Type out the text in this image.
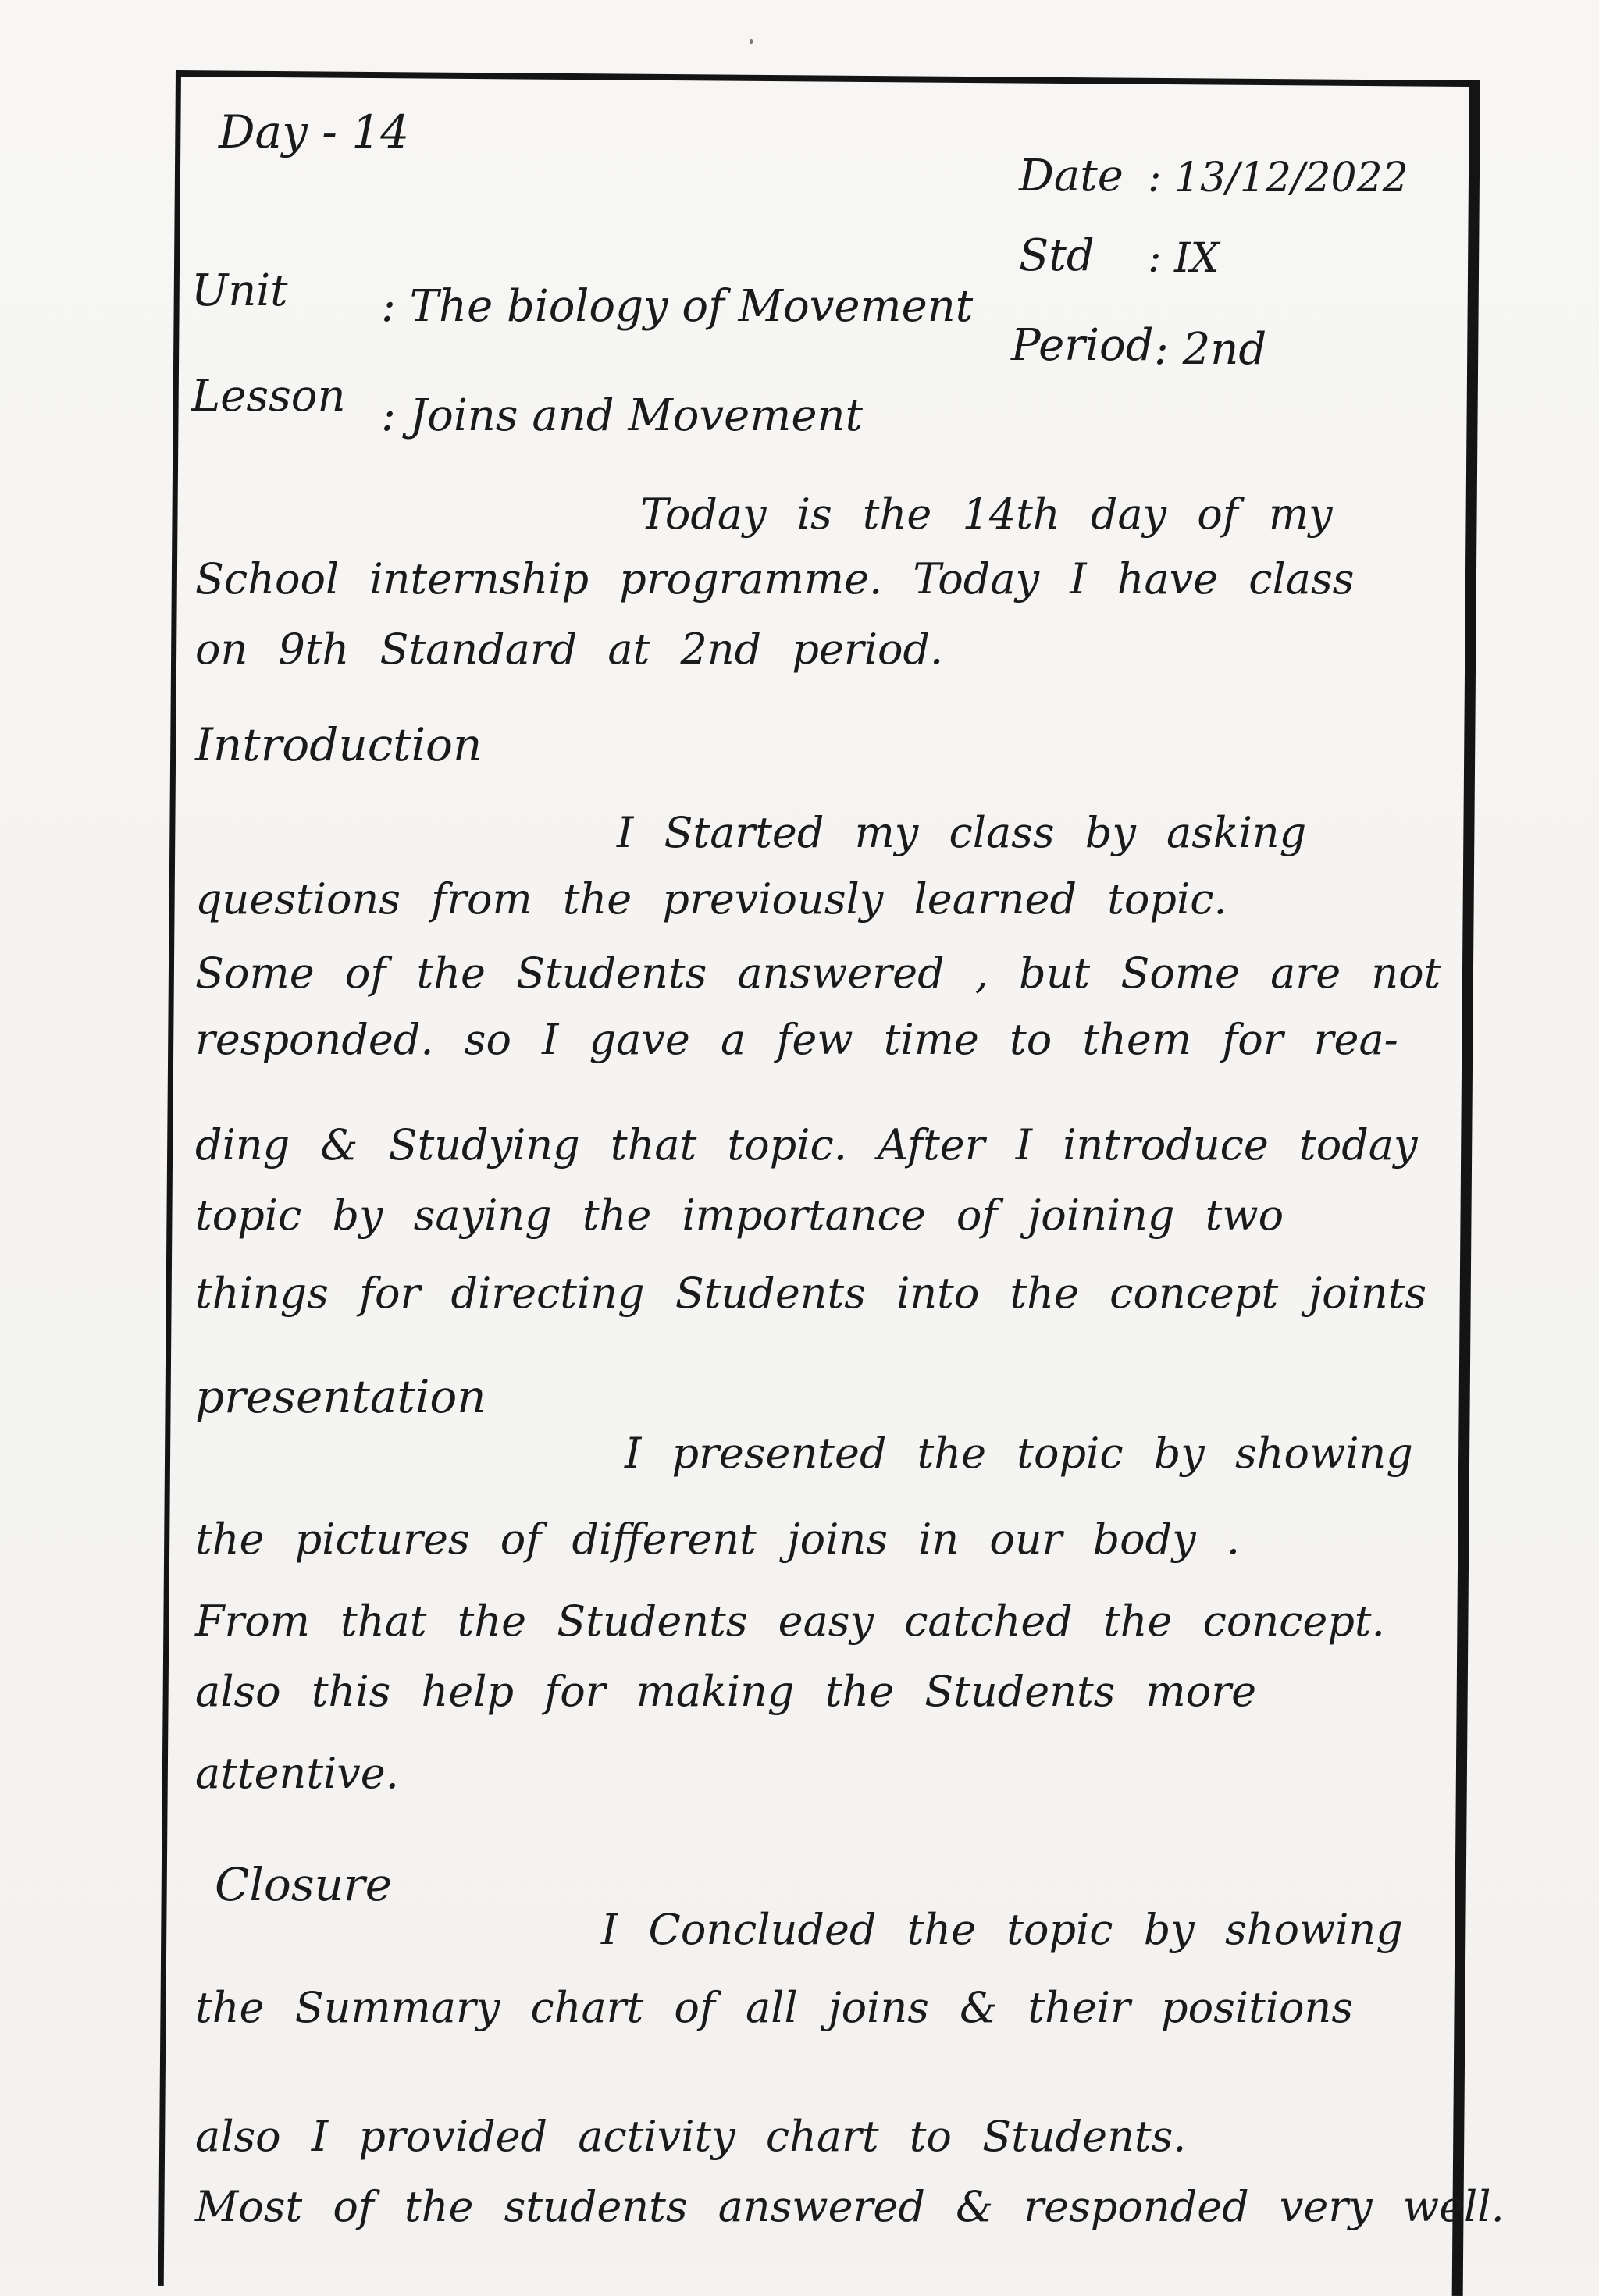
Day - 14
Date : 13/12/2022
Std : IX
Unit : The biology of Movement
Period : 2nd
Lesson : Joins and Movement
Today is the 14th day of my
School internship programme. Today I have class
on 9th Standard at 2nd period.
Introduction
I Started my class by asking
questions from the previously learned topic.
Some of the Students answered , but Some are not
responded. so I gave a few time to them for rea-
ding & Studying that topic. After I introduce today
topic by saying the importance of joining two
things for directing Students into the concept joints
presentation
I presented the topic by showing
the pictures of different joins in our body .
From that the Students easy catched the concept.
also this help for making the Students more
attentive.
Closure
I Concluded the topic by showing
the Summary chart of all joins & their positions
also I provided activity chart to Students.
Most of the students answered & responded very well.
